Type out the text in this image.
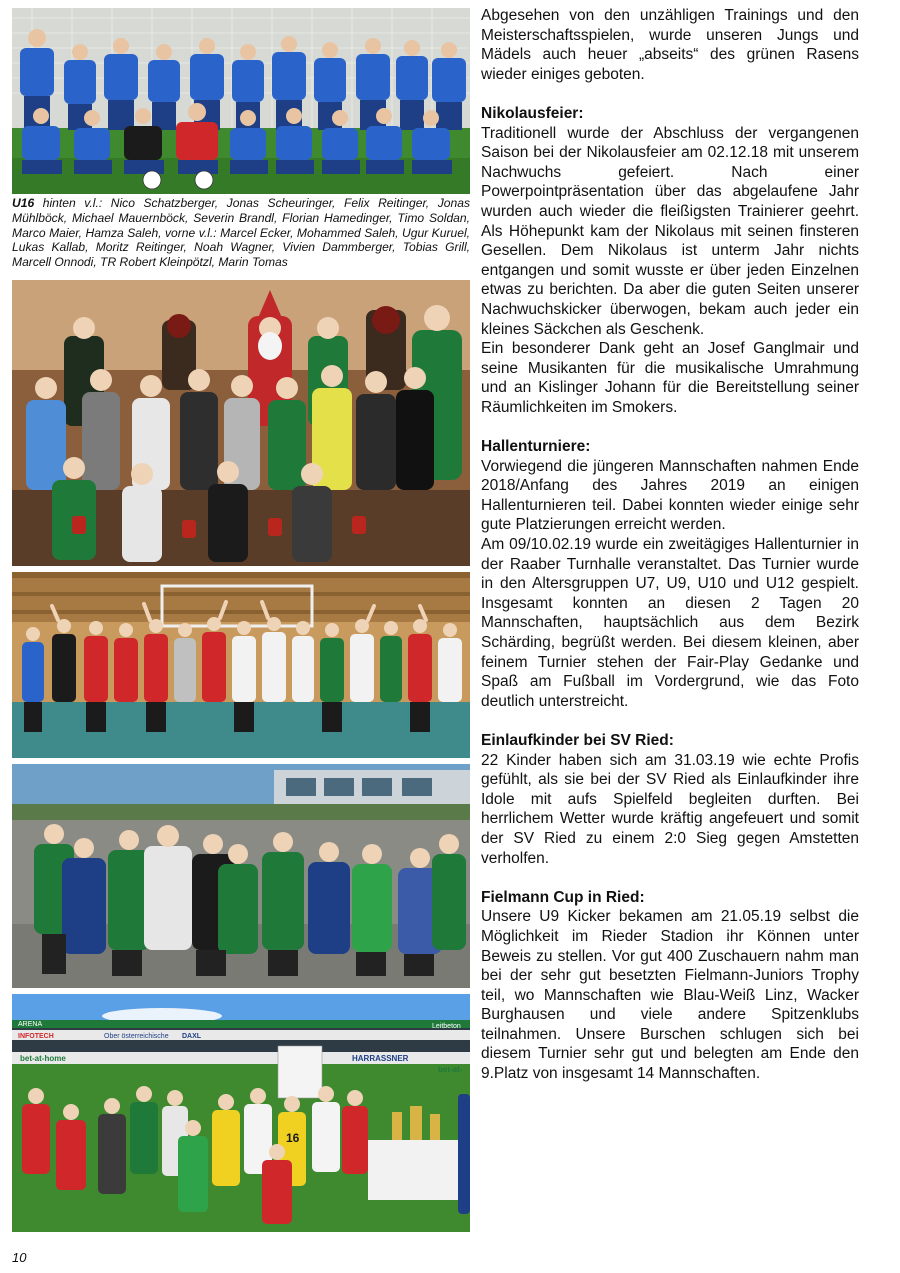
U16 hinten v.l.: Nico Schatzberger, Jonas Scheuringer, Felix Reitinger, Jonas Mühlböck, Michael Mauernböck, Severin Brandl, Florian Hamedinger, Timo Soldan, Marco Maier, Hamza Saleh, vorne v.l.: Marcel Ecker, Mohammed Saleh, Ugur Kuruel, Lukas Kallab, Moritz Reitinger, Noah Wagner, Vivien Dammberger, Tobias Grill, Marcell Onnodi, TR Robert Kleinpötzl, Marin Tomas
ARENA
INFOTECH	Ober österreichische DAXL
Leitbeton
bet-at-home	HARRASSNER
bet-at-
16

Abgesehen von den unzähligen Trainings und den Meisterschaftsspielen, wurde unseren Jungs und Mädels auch heuer „abseits“ des grünen Rasens wieder einiges geboten.

Nikolausfeier:

Traditionell wurde der Abschluss der vergangenen Saison bei der Nikolausfeier am 02.12.18 mit unserem Nachwuchs gefeiert. Nach einer Powerpointpräsentation über das abgelaufene Jahr wurden auch wieder die fleißigsten Trainierer geehrt. Als Höhepunkt kam der Nikolaus mit seinen finsteren Gesellen. Dem Nikolaus ist unterm Jahr nichts entgangen und somit wusste er über jeden Einzelnen etwas zu berichten. Da aber die guten Seiten unserer Nachwuchskicker überwogen, bekam auch jeder ein kleines Säckchen als Geschenk.

Ein besonderer Dank geht an Josef Ganglmair und seine Musikanten für die musikalische Umrahmung und an Kislinger Johann für die Bereitstellung seiner Räumlichkeiten im Smokers.

Hallenturniere:

Vorwiegend die jüngeren Mannschaften nahmen Ende 2018/Anfang des Jahres 2019 an einigen Hallenturnieren teil. Dabei konnten wieder einige sehr gute Platzierungen erreicht werden.

Am 09/10.02.19 wurde ein zweitägiges Hallenturnier in der Raaber Turnhalle veranstaltet. Das Turnier wurde in den Altersgruppen U7, U9, U10 und U12 gespielt. Insgesamt konnten an diesen 2 Tagen 20 Mannschaften, hauptsächlich aus dem Bezirk Schärding, begrüßt werden. Bei diesem kleinen, aber feinem Turnier stehen der Fair-Play Gedanke und Spaß am Fußball im Vordergrund, wie das Foto deutlich unterstreicht.

Einlaufkinder bei SV Ried:

22 Kinder haben sich am 31.03.19 wie echte Profis gefühlt, als sie bei der SV Ried als Einlaufkinder ihre Idole mit aufs Spielfeld begleiten durften. Bei herrlichem Wetter wurde kräftig angefeuert und somit der SV Ried zu einem 2:0 Sieg gegen Amstetten verholfen.

Fielmann Cup in Ried:

Unsere U9 Kicker bekamen am 21.05.19 selbst die Möglichkeit im Rieder Stadion ihr Können unter Beweis zu stellen. Vor gut 400 Zuschauern nahm man bei der sehr gut besetzten Fielmann-Juniors Trophy teil, wo Mannschaften wie Blau-Weiß Linz, Wacker Burghausen und viele andere Spitzenklubs teilnahmen. Unsere Burschen schlugen sich bei diesem Turnier sehr gut und belegten am Ende den 9.Platz von insgesamt 14 Mannschaften.

10
